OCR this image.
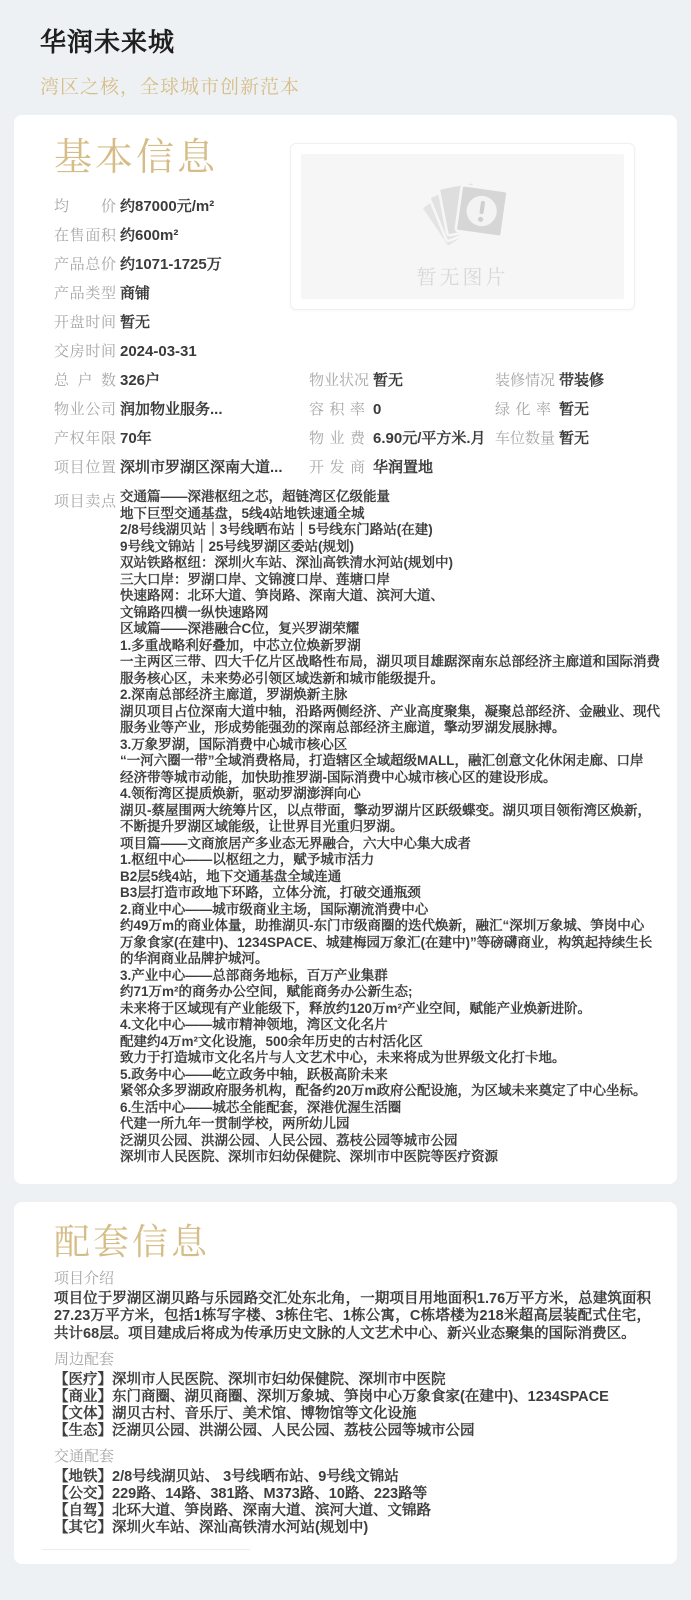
华润未来城

湾区之核，全球城市创新范本

基本信息
暂无图片
均价 约87000元/m²
在售面积 约600m²
产品总价 约1071-1725万
产品类型 商铺
开盘时间 暂无
交房时间 2024-03-31
总户数 326户	物业状况 暂无	装修情况 带装修
物业公司 润加物业服务...	容积率 0	绿化率 暂无
产权年限 70年	物业费 6.90元/平方米.月 车位数量 暂无
项目位置 深圳市罗湖区深南大道... 开发商 华润置地
项目卖点 交通篇——深港枢纽之芯，超链湾区亿级能量
地下巨型交通基盘，5线4站地铁速通全城
2/8号线湖贝站｜3号线晒布站｜5号线东门路站(在建)
9号线文锦站｜25号线罗湖区委站(规划)
双站铁路枢纽：深圳火车站、深汕高铁清水河站(规划中)
三大口岸：罗湖口岸、文锦渡口岸、莲塘口岸
快速路网：北环大道、笋岗路、深南大道、滨河大道、
文锦路四横一纵快速路网
区域篇——深港融合C位，复兴罗湖荣耀
1.多重战略利好叠加，中芯立位焕新罗湖
一主两区三带、四大千亿片区战略性布局，湖贝项目雄踞深南东总部经济主廊道和国际消费
服务核心区，未来势必引领区域迭新和城市能级提升。
2.深南总部经济主廊道，罗湖焕新主脉
湖贝项目占位深南大道中轴，沿路两侧经济、产业高度聚集，凝聚总部经济、金融业、现代
服务业等产业，形成势能强劲的深南总部经济主廊道，擎动罗湖发展脉搏。
3.万象罗湖，国际消费中心城市核心区
“一河六圈一带”全域消费格局，打造辖区全域超级MALL，融汇创意文化休闲走廊、口岸
经济带等城市动能，加快助推罗湖-国际消费中心城市核心区的建设形成。
4.领衔湾区提质焕新，驱动罗湖澎湃向心
湖贝-蔡屋围两大统筹片区，以点带面，擎动罗湖片区跃级蝶变。湖贝项目领衔湾区焕新，
不断提升罗湖区域能级，让世界目光重归罗湖。
项目篇——文商旅居产多业态无界融合，六大中心集大成者
1.枢纽中心——以枢纽之力，赋予城市活力
B2层5线4站，地下交通基盘全域连通
B3层打造市政地下环路，立体分流，打破交通瓶颈
2.商业中心——城市级商业主场，国际潮流消费中心
约49万m的商业体量，助推湖贝-东门市级商圈的迭代焕新，融汇“深圳万象城、笋岗中心
万象食家(在建中)、1234SPACE、城建梅园万象汇(在建中)”等磅礴商业，构筑起持续生长
的华润商业品牌护城河。
3.产业中心——总部商务地标，百万产业集群
约71万m²的商务办公空间，赋能商务办公新生态;
未来将于区域现有产业能级下，释放约120万m²产业空间，赋能产业焕新进阶。
4.文化中心——城市精神领地，湾区文化名片
配建约4万m²文化设施，500余年历史的古村活化区
致力于打造城市文化名片与人文艺术中心，未来将成为世界级文化打卡地。
5.政务中心——屹立政务中轴，跃极高阶未来
紧邻众多罗湖政府服务机构，配备约20万m政府公配设施，为区域未来奠定了中心坐标。
6.生活中心——城芯全能配套，深港优渥生活圈
代建一所九年一贯制学校，两所幼儿园
泛湖贝公园、洪湖公园、人民公园、荔枝公园等城市公园
深圳市人民医院、深圳市妇幼保健院、深圳市中医院等医疗资源
配套信息
项目介绍

项目位于罗湖区湖贝路与乐园路交汇处东北角，一期项目用地面积1.76万平方米，总建筑面积27.23万平方米，包括1栋写字楼、3栋住宅、1栋公寓，C栋塔楼为218米超高层装配式住宅，共计68层。项目建成后将成为传承历史文脉的人文艺术中心、新兴业态聚集的国际消费区。

周边配套
【医疗】深圳市人民医院、深圳市妇幼保健院、深圳市中医院
【商业】东门商圈、湖贝商圈、深圳万象城、笋岗中心万象食家(在建中)、1234SPACE
【文体】湖贝古村、音乐厅、美术馆、博物馆等文化设施
【生态】泛湖贝公园、洪湖公园、人民公园、荔枝公园等城市公园
交通配套
【地铁】2/8号线湖贝站、 3号线晒布站、9号线文锦站
【公交】229路、14路、381路、M373路、10路、223路等
【自驾】北环大道、笋岗路、深南大道、滨河大道、文锦路
【其它】深圳火车站、深汕高铁清水河站(规划中)
